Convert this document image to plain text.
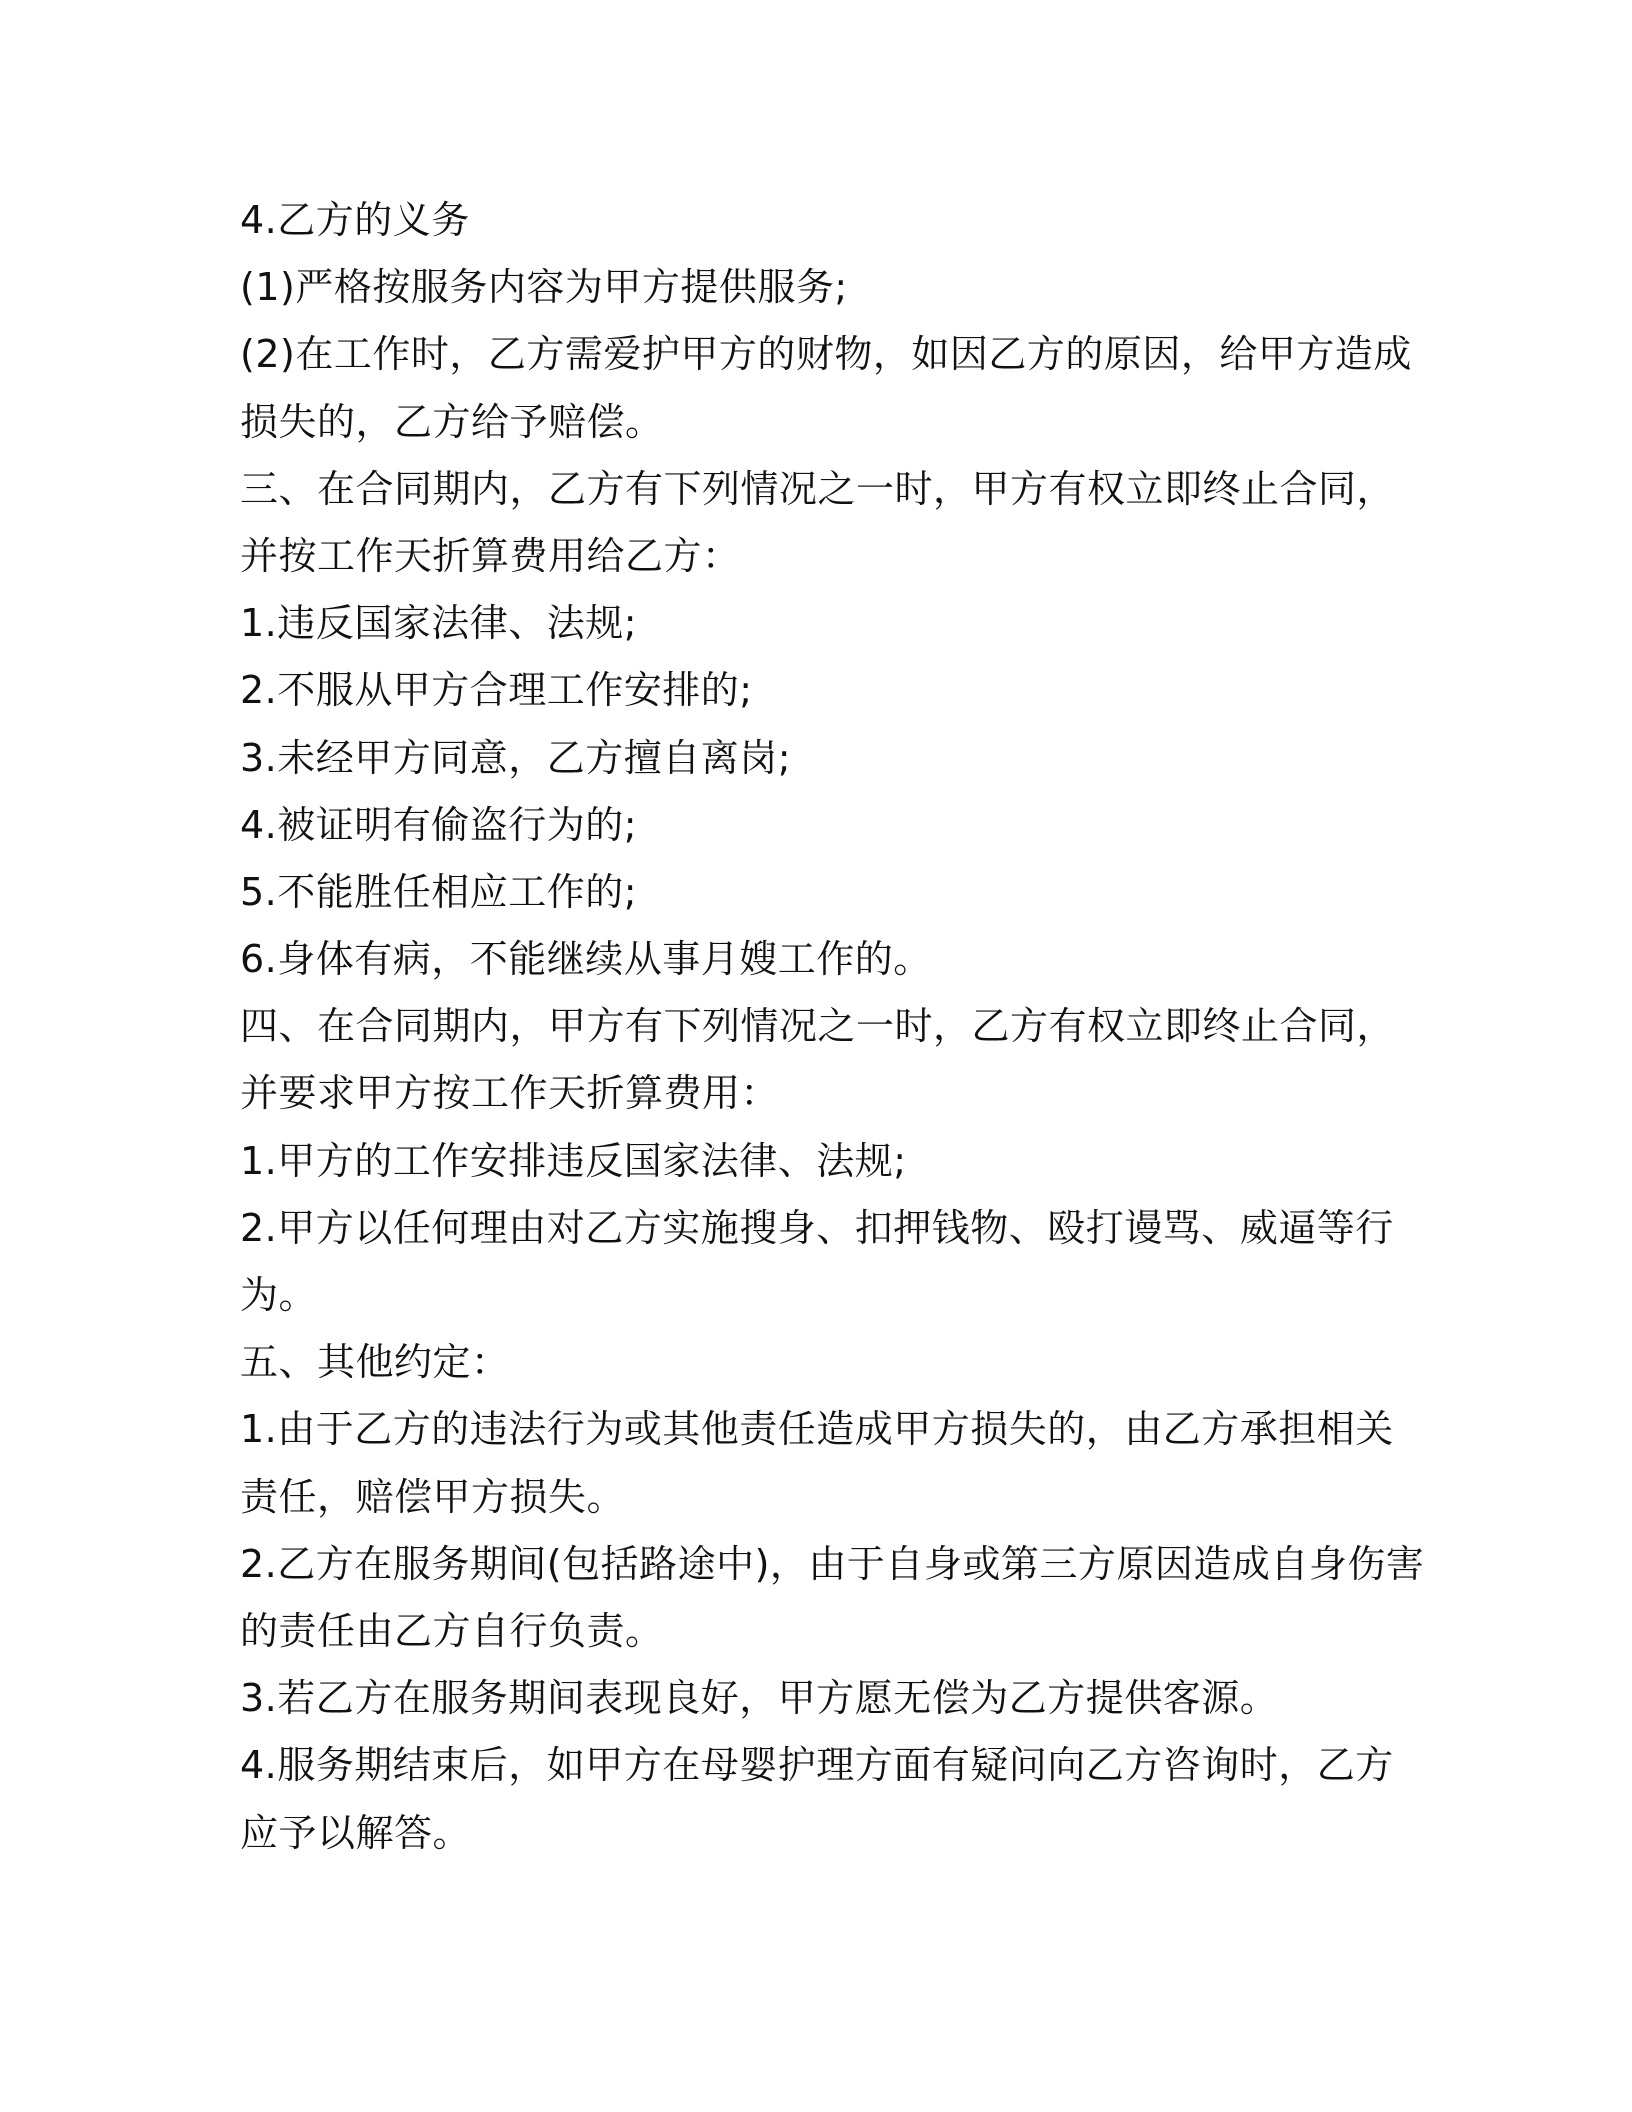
4.乙方的义务
(1)严格按服务内容为甲方提供服务;
(2)在工作时，乙方需爱护甲方的财物，如因乙方的原因，给甲方造成
损失的，乙方给予赔偿。
三、在合同期内，乙方有下列情况之一时，甲方有权立即终止合同，
并按工作天折算费用给乙方：
1.违反国家法律、法规;
2.不服从甲方合理工作安排的;
3.未经甲方同意，乙方擅自离岗;
4.被证明有偷盗行为的;
5.不能胜任相应工作的;
6.身体有病，不能继续从事月嫂工作的。
四、在合同期内，甲方有下列情况之一时，乙方有权立即终止合同，
并要求甲方按工作天折算费用：
1.甲方的工作安排违反国家法律、法规;
2.甲方以任何理由对乙方实施搜身、扣押钱物、殴打谩骂、威逼等行
为。
五、其他约定：
1.由于乙方的违法行为或其他责任造成甲方损失的，由乙方承担相关
责任，赔偿甲方损失。
2.乙方在服务期间(包括路途中)，由于自身或第三方原因造成自身伤害
的责任由乙方自行负责。
3.若乙方在服务期间表现良好，甲方愿无偿为乙方提供客源。
4.服务期结束后，如甲方在母婴护理方面有疑问向乙方咨询时，乙方
应予以解答。
